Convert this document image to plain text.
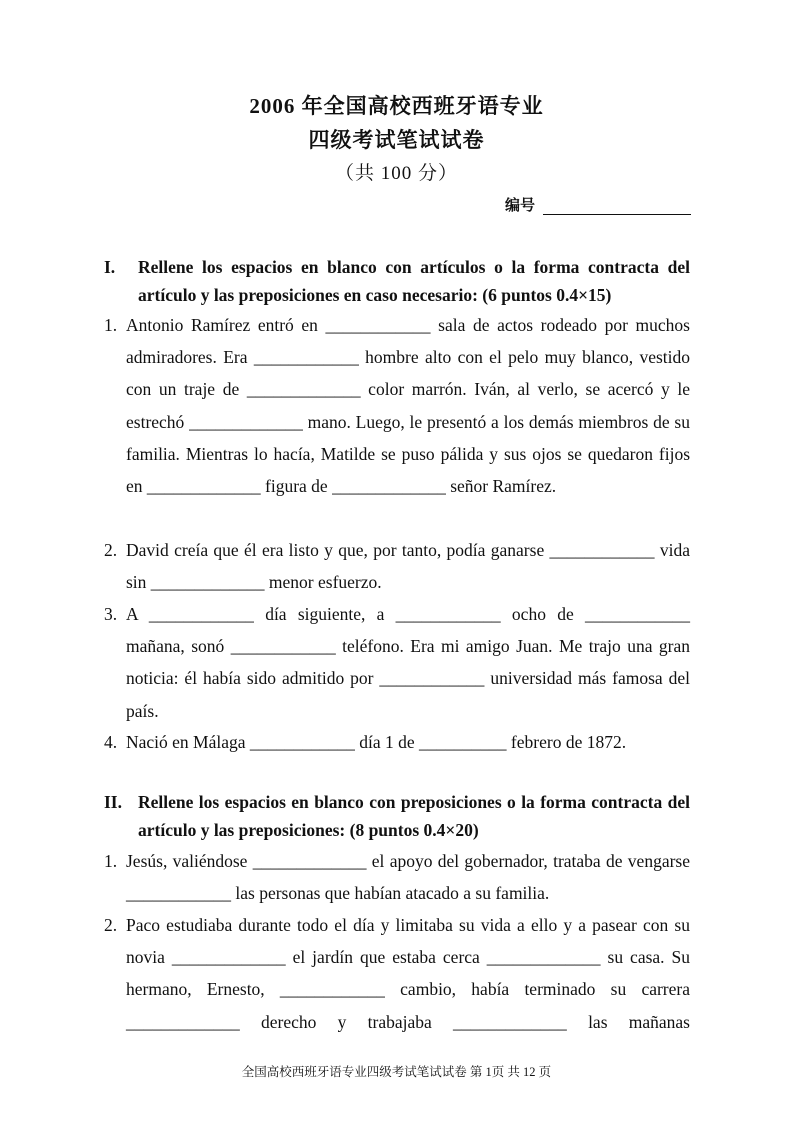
2006 年全国高校西班牙语专业
四级考试笔试试卷
（共 100 分）
编号
I. Rellene los espacios en blanco con artículos o la forma contracta del artículo y las preposiciones en caso necesario: (6 puntos 0.4×15)
1. Antonio Ramírez entró en ____________ sala de actos rodeado por muchos admiradores. Era ____________ hombre alto con el pelo muy blanco, vestido con un traje de _____________ color marrón. Iván, al verlo, se acercó y le estrechó _____________ mano. Luego, le presentó a los demás miembros de su familia. Mientras lo hacía, Matilde se puso pálida y sus ojos se quedaron fijos en _____________ figura de _____________ señor Ramírez.
2. David creía que él era listo y que, por tanto, podía ganarse ____________ vida sin _____________ menor esfuerzo.
3. A ____________ día siguiente, a ____________ ocho de ____________ mañana, sonó ____________ teléfono. Era mi amigo Juan. Me trajo una gran noticia: él había sido admitido por ____________ universidad más famosa del país.
4. Nació en Málaga ____________ día 1 de __________ febrero de 1872.
II. Rellene los espacios en blanco con preposiciones o la forma contracta del artículo y las preposiciones: (8 puntos 0.4×20)
1. Jesús, valiéndose _____________ el apoyo del gobernador, trataba de vengarse ____________ las personas que habían atacado a su familia.
2. Paco estudiaba durante todo el día y limitaba su vida a ello y a pasear con su novia _____________ el jardín que estaba cerca _____________ su casa. Su hermano, Ernesto, ____________ cambio, había terminado su carrera _____________ derecho y trabajaba _____________ las mañanas
全国高校西班牙语专业四级考试笔试试卷 第 1页 共 12 页
